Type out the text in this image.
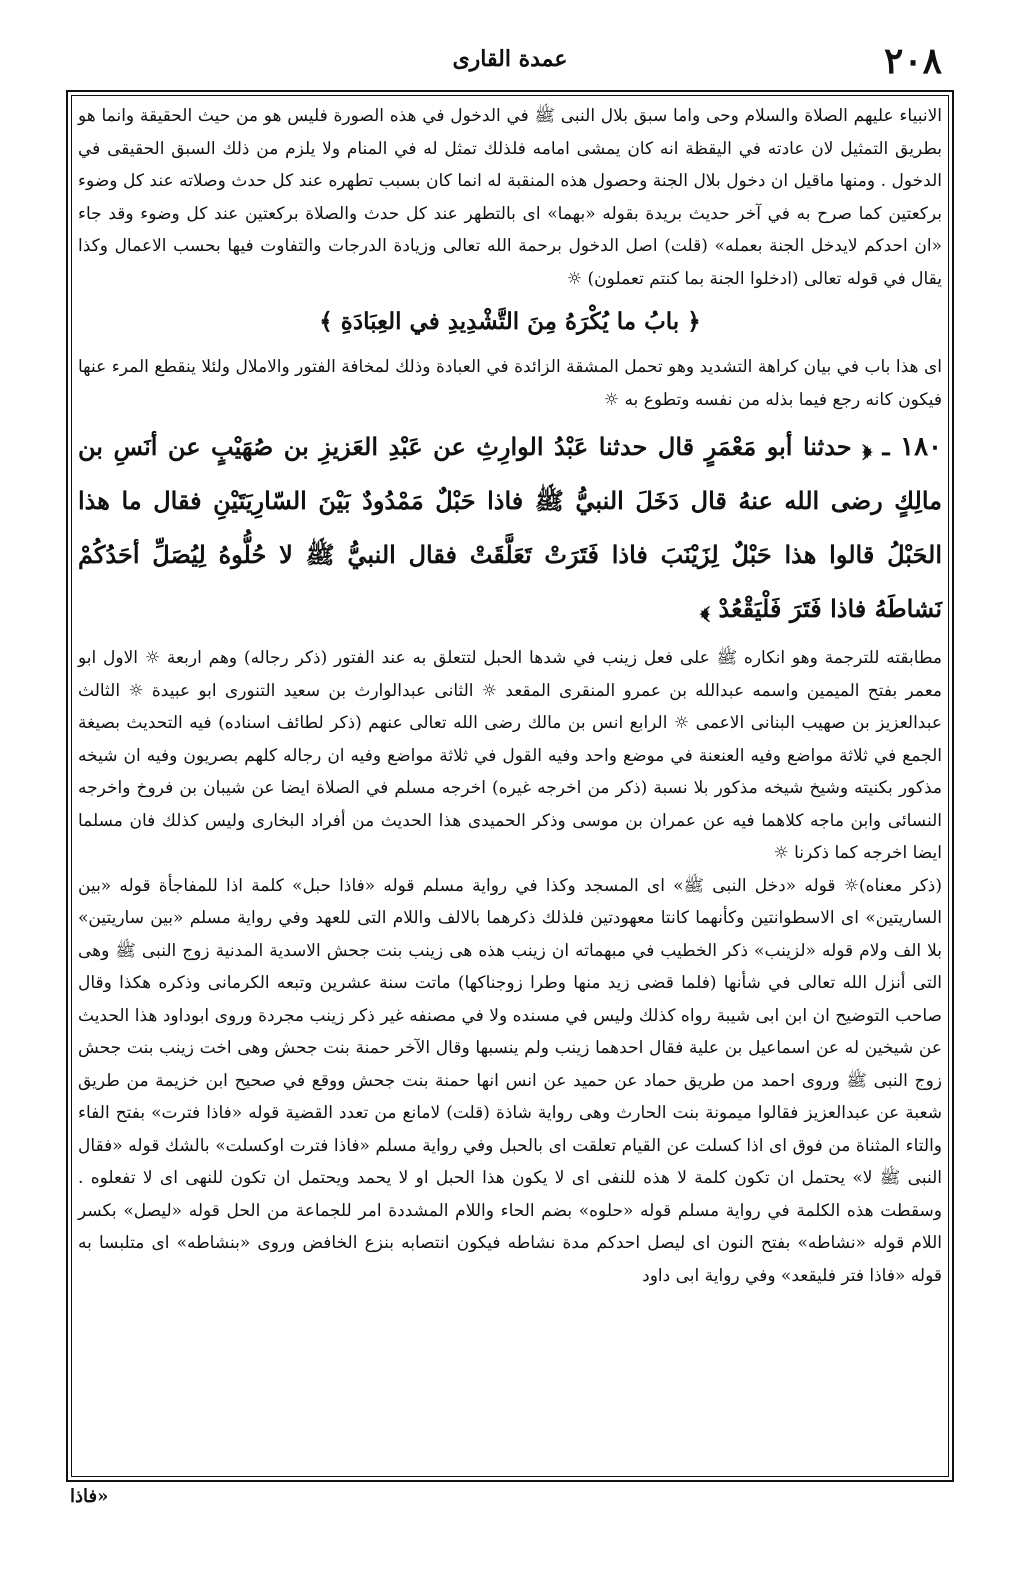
٢٠٨
عمدة القارى

الانبياء عليهم الصلاة والسلام وحى واما سبق بلال النبى ﷺ في الدخول في هذه الصورة فليس هو من حيث الحقيقة وانما هو بطريق التمثيل لان عادته في اليقظة انه كان يمشى امامه فلذلك تمثل له في المنام ولا يلزم من ذلك السبق الحقيقى في الدخول . ومنها ماقيل ان دخول بلال الجنة وحصول هذه المنقبة له انما كان بسبب تطهره عند كل حدث وصلاته عند كل وضوء بركعتين كما صرح به في آخر حديث بريدة بقوله «بهما» اى بالتطهر عند كل حدث والصلاة بركعتين عند كل وضوء وقد جاء «ان احدكم لايدخل الجنة بعمله» (قلت) اصل الدخول برحمة الله تعالى وزيادة الدرجات والتفاوت فيها بحسب الاعمال وكذا يقال في قوله تعالى (ادخلوا الجنة بما كنتم تعملون) ☼

﴿ بابُ ما يُكْرَهُ مِنَ التَّشْدِيدِ في العِبَادَةِ ﴾

اى هذا باب في بيان كراهة التشديد وهو تحمل المشقة الزائدة في العبادة وذلك لمخافة الفتور والاملال ولئلا ينقطع المرء عنها فيكون كانه رجع فيما بذله من نفسه وتطوع به ☼

١٨٠ ـ ﴿ حدثنا أبو مَعْمَرٍ قال حدثنا عَبْدُ الوارِثِ عن عَبْدِ العَزيزِ بن صُهَيْبٍ عن أنَسِ بن مالِكٍ رضى الله عنهُ قال دَخَلَ النبيُّ ﷺ فاذا حَبْلٌ مَمْدُودٌ بَيْنَ السّارِيَتَيْنِ فقال ما هذا الحَبْلُ قالوا هذا حَبْلٌ لِزَيْنَبَ فاذا فَتَرَتْ تَعَلَّقَتْ فقال النبيُّ ﷺ لا حُلُّوهُ لِيُصَلِّ أحَدُكُمْ نَشاطَهُ فاذا فَتَرَ فَلْيَقْعُدْ ﴾

مطابقته للترجمة وهو انكاره ﷺ على فعل زينب في شدها الحبل لتتعلق به عند الفتور (ذكر رجاله) وهم اربعة ☼ الاول ابو معمر بفتح الميمين واسمه عبدالله بن عمرو المنقرى المقعد ☼ الثانى عبدالوارث بن سعيد التنورى ابو عبيدة ☼ الثالث عبدالعزيز بن صهيب البنانى الاعمى ☼ الرابع انس بن مالك رضى الله تعالى عنهم (ذكر لطائف اسناده) فيه التحديث بصيغة الجمع في ثلاثة مواضع وفيه العنعنة في موضع واحد وفيه القول في ثلاثة مواضع وفيه ان رجاله كلهم بصريون وفيه ان شيخه مذكور بكنيته وشيخ شيخه مذكور بلا نسبة (ذكر من اخرجه غيره) اخرجه مسلم في الصلاة ايضا عن شيبان بن فروخ واخرجه النسائى وابن ماجه كلاهما فيه عن عمران بن موسى وذكر الحميدى هذا الحديث من أفراد البخارى وليس كذلك فان مسلما ايضا اخرجه كما ذكرنا ☼

(ذكر معناه)☼ قوله «دخل النبى ﷺ» اى المسجد وكذا في رواية مسلم قوله «فاذا حبل» كلمة اذا للمفاجأة قوله «بين الساريتين» اى الاسطوانتين وكأنهما كانتا معهودتين فلذلك ذكرهما بالالف واللام التى للعهد وفي رواية مسلم «بين ساريتين» بلا الف ولام قوله «لزينب» ذكر الخطيب في مبهماته ان زينب هذه هى زينب بنت جحش الاسدية المدنية زوج النبى ﷺ وهى التى أنزل الله تعالى في شأنها (فلما قضى زيد منها وطرا زوجناكها) ماتت سنة عشرين وتبعه الكرمانى وذكره هكذا وقال صاحب التوضيح ان ابن ابى شيبة رواه كذلك وليس في مسنده ولا في مصنفه غير ذكر زينب مجردة وروى ابوداود هذا الحديث عن شيخين له عن اسماعيل بن علية فقال احدهما زينب ولم ينسبها وقال الآخر حمنة بنت جحش وهى اخت زينب بنت جحش زوج النبى ﷺ وروى احمد من طريق حماد عن حميد عن انس انها حمنة بنت جحش ووقع في صحيح ابن خزيمة من طريق شعبة عن عبدالعزيز فقالوا ميمونة بنت الحارث وهى رواية شاذة (قلت) لامانع من تعدد القضية قوله «فاذا فترت» بفتح الفاء والتاء المثناة من فوق اى اذا كسلت عن القيام تعلقت اى بالحبل وفي رواية مسلم «فاذا فترت اوكسلت» بالشك قوله «فقال النبى ﷺ لا» يحتمل ان تكون كلمة لا هذه للنفى اى لا يكون هذا الحبل او لا يحمد ويحتمل ان تكون للنهى اى لا تفعلوه . وسقطت هذه الكلمة في رواية مسلم قوله «حلوه» بضم الحاء واللام المشددة امر للجماعة من الحل قوله «ليصل» بكسر اللام قوله «نشاطه» بفتح النون اى ليصل احدكم مدة نشاطه فيكون انتصابه بنزع الخافض وروى «بنشاطه» اى متلبسا به قوله «فاذا فتر فليقعد» وفي رواية ابى داود

«فاذا
